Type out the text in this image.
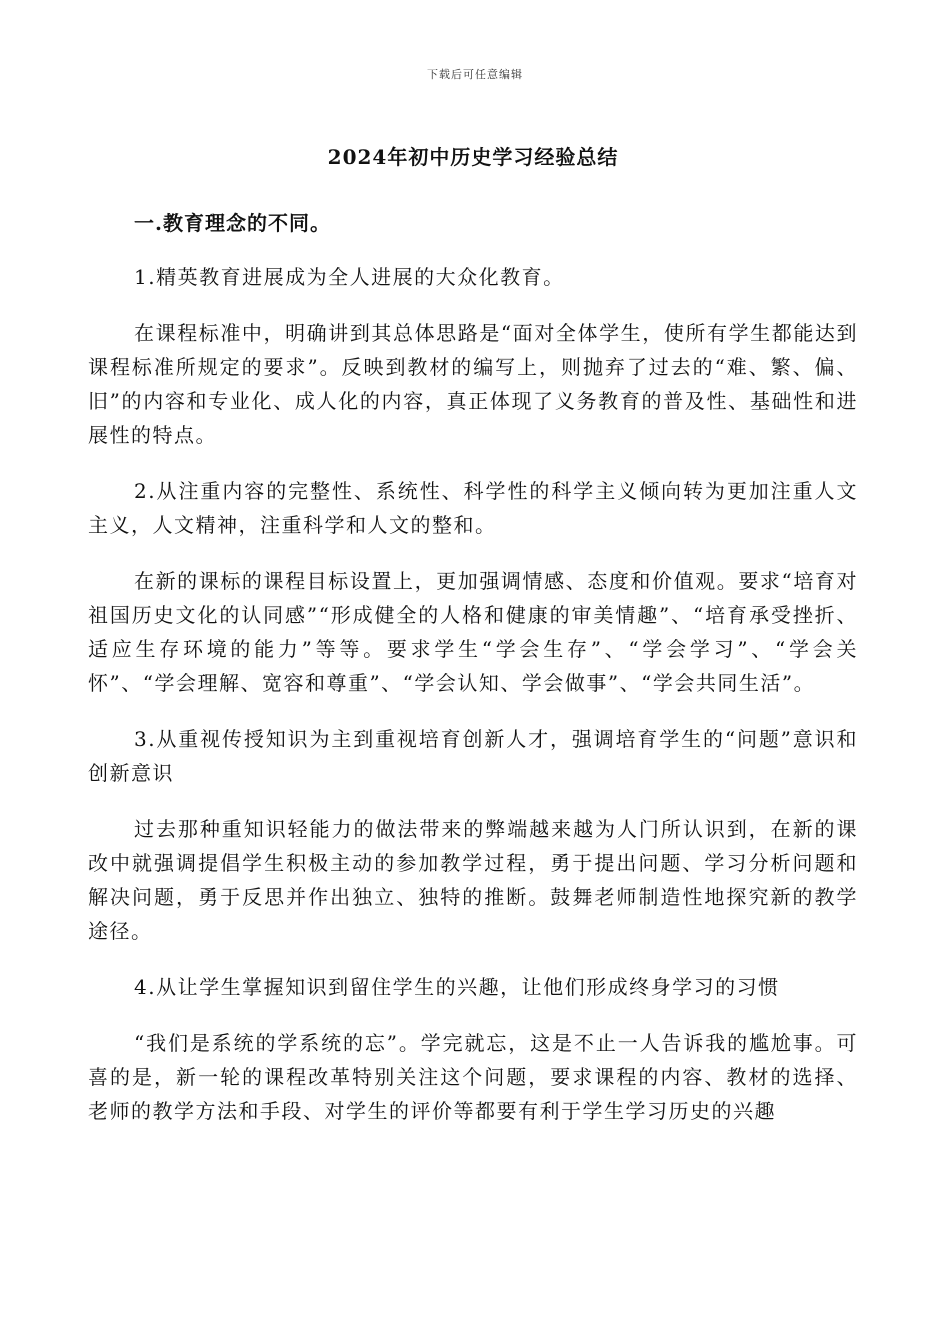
下载后可任意编辑
2024年初中历史学习经验总结
一.教育理念的不同。

1.精英教育进展成为全人进展的大众化教育。

在课程标准中，明确讲到其总体思路是“面对全体学生，使所有学生都能达到课程标准所规定的要求”。反映到教材的编写上，则抛弃了过去的“难、繁、偏、旧”的内容和专业化、成人化的内容，真正体现了义务教育的普及性、基础性和进展性的特点。

2.从注重内容的完整性、系统性、科学性的科学主义倾向转为更加注重人文主义，人文精神，注重科学和人文的整和。

在新的课标的课程目标设置上，更加强调情感、态度和价值观。要求“培育对祖国历史文化的认同感”“形成健全的人格和健康的审美情趣”、“培育承受挫折、适应生存环境的能力”等等。要求学生“学会生存”、“学会学习”、“学会关怀”、“学会理解、宽容和尊重”、“学会认知、学会做事”、“学会共同生活”。

3.从重视传授知识为主到重视培育创新人才，强调培育学生的“问题”意识和创新意识

过去那种重知识轻能力的做法带来的弊端越来越为人门所认识到，在新的课改中就强调提倡学生积极主动的参加教学过程，勇于提出问题、学习分析问题和解决问题，勇于反思并作出独立、独特的推断。鼓舞老师制造性地探究新的教学途径。

4.从让学生掌握知识到留住学生的兴趣，让他们形成终身学习的习惯

“我们是系统的学系统的忘”。学完就忘，这是不止一人告诉我的尴尬事。可喜的是，新一轮的课程改革特别关注这个问题，要求课程的内容、教材的选择、老师的教学方法和手段、对学生的评价等都要有利于学生学习历史的兴趣
